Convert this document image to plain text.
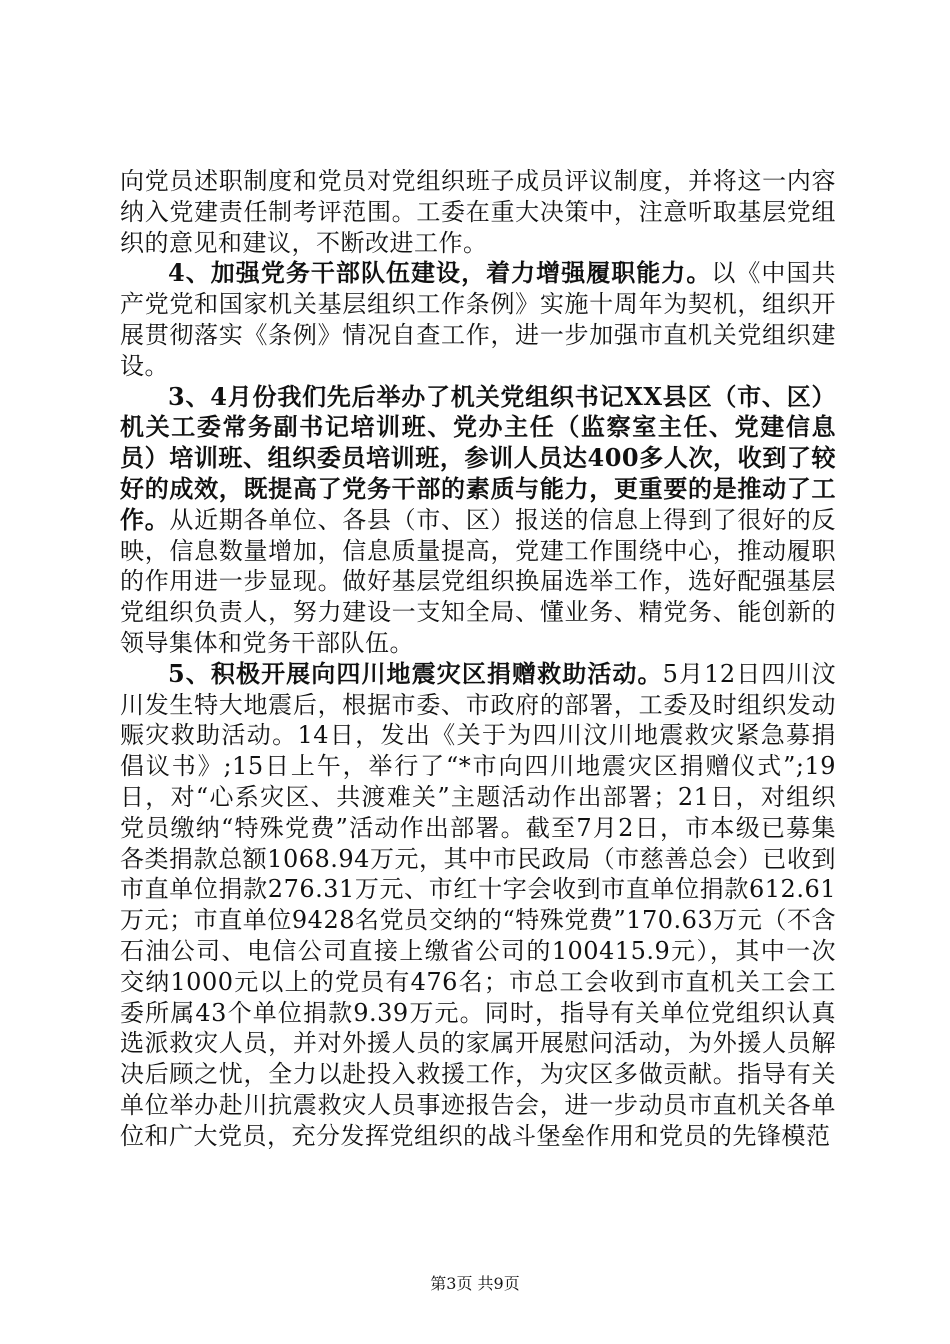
向党员述职制度和党员对党组织班子成员评议制度，并将这一内容纳入党建责任制考评范围。工委在重大决策中，注意听取基层党组织的意见和建议，不断改进工作。

4、加强党务干部队伍建设，着力增强履职能力。以《中国共产党党和国家机关基层组织工作条例》实施十周年为契机，组织开展贯彻落实《条例》情况自查工作，进一步加强市直机关党组织建设。

3、4月份我们先后举办了机关党组织书记XX县区（市、区）机关工委常务副书记培训班、党办主任（监察室主任、党建信息员）培训班、组织委员培训班，参训人员达400多人次，收到了较好的成效，既提高了党务干部的素质与能力，更重要的是推动了工作。从近期各单位、各县（市、区）报送的信息上得到了很好的反映，信息数量增加，信息质量提高，党建工作围绕中心，推动履职的作用进一步显现。做好基层党组织换届选举工作，选好配强基层党组织负责人，努力建设一支知全局、懂业务、精党务、能创新的领导集体和党务干部队伍。

5、积极开展向四川地震灾区捐赠救助活动。5月12日四川汶川发生特大地震后，根据市委、市政府的部署，工委及时组织发动赈灾救助活动。14日，发出《关于为四川汶川地震救灾紧急募捐倡议书》;15日上午，举行了“*市向四川地震灾区捐赠仪式”;19日，对“心系灾区、共渡难关”主题活动作出部署；21日，对组织党员缴纳“特殊党费”活动作出部署。截至7月2日，市本级已募集各类捐款总额1068.94万元，其中市民政局（市慈善总会）已收到市直单位捐款276.31万元、市红十字会收到市直单位捐款612.61万元；市直单位9428名党员交纳的“特殊党费”170.63万元（不含石油公司、电信公司直接上缴省公司的100415.9元），其中一次交纳1000元以上的党员有476名；市总工会收到市直机关工会工委所属43个单位捐款9.39万元。同时，指导有关单位党组织认真选派救灾人员，并对外援人员的家属开展慰问活动，为外援人员解决后顾之忧，全力以赴投入救援工作，为灾区多做贡献。指导有关单位举办赴川抗震救灾人员事迹报告会，进一步动员市直机关各单位和广大党员，充分发挥党组织的战斗堡垒作用和党员的先锋模范

第3页 共9页
